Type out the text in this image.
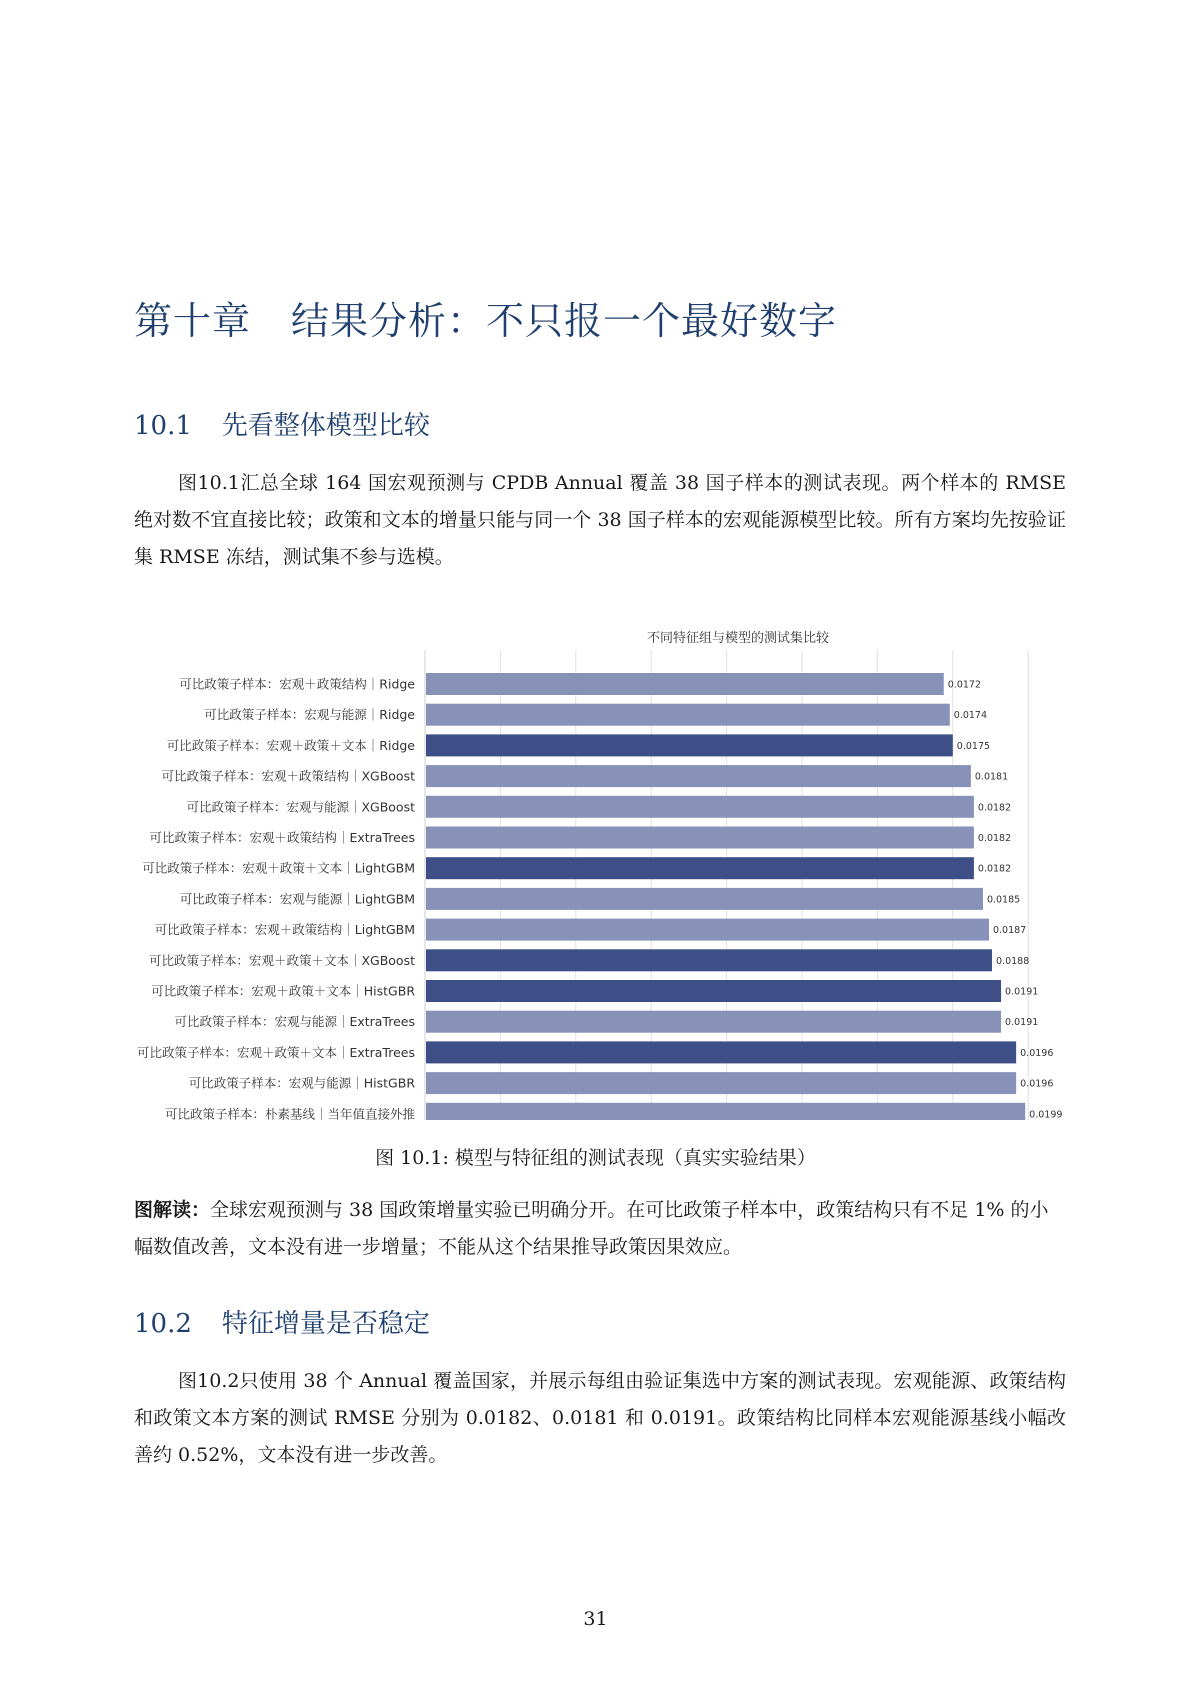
第十章 结果分析：不只报一个最好数字
10.1 先看整体模型比较

图10.1汇总全球 164 国宏观预测与 CPDB Annual 覆盖 38 国子样本的测试表现。两个样本的 RMSE 绝对数不宜直接比较；政策和文本的增量只能与同一个 38 国子样本的宏观能源模型比较。所有方案均先按验证集 RMSE 冻结，测试集不参与选模。

不同特征组与模型的测试集比较
可比政策子样本：宏观＋政策结构｜Ridge	0.0172
可比政策子样本：宏观与能源｜Ridge	0.0174
可比政策子样本：宏观＋政策＋文本｜Ridge	0.0175
可比政策子样本：宏观＋政策结构｜XGBoost	0.0181
可比政策子样本：宏观与能源｜XGBoost	0.0182
可比政策子样本：宏观＋政策结构｜ExtraTrees	0.0182
可比政策子样本：宏观＋政策＋文本｜LightGBM	0.0182
可比政策子样本：宏观与能源｜LightGBM	0.0185
可比政策子样本：宏观＋政策结构｜LightGBM	0.0187
可比政策子样本：宏观＋政策＋文本｜XGBoost	0.0188
可比政策子样本：宏观＋政策＋文本｜HistGBR	0.0191
可比政策子样本：宏观与能源｜ExtraTrees	0.0191
可比政策子样本：宏观＋政策＋文本｜ExtraTrees	0.0196
可比政策子样本：宏观与能源｜HistGBR	0.0196
可比政策子样本：朴素基线｜当年值直接外推	0.0199
图 10.1: 模型与特征组的测试表现（真实实验结果）
图解读：全球宏观预测与 38 国政策增量实验已明确分开。在可比政策子样本中，政策结构只有不足 1% 的小幅数值改善，文本没有进一步增量；不能从这个结果推导政策因果效应。
10.2 特征增量是否稳定

图10.2只使用 38 个 Annual 覆盖国家，并展示每组由验证集选中方案的测试表现。宏观能源、政策结构和政策文本方案的测试 RMSE 分别为 0.0182、0.0181 和 0.0191。政策结构比同样本宏观能源基线小幅改善约 0.52%，文本没有进一步改善。

31
